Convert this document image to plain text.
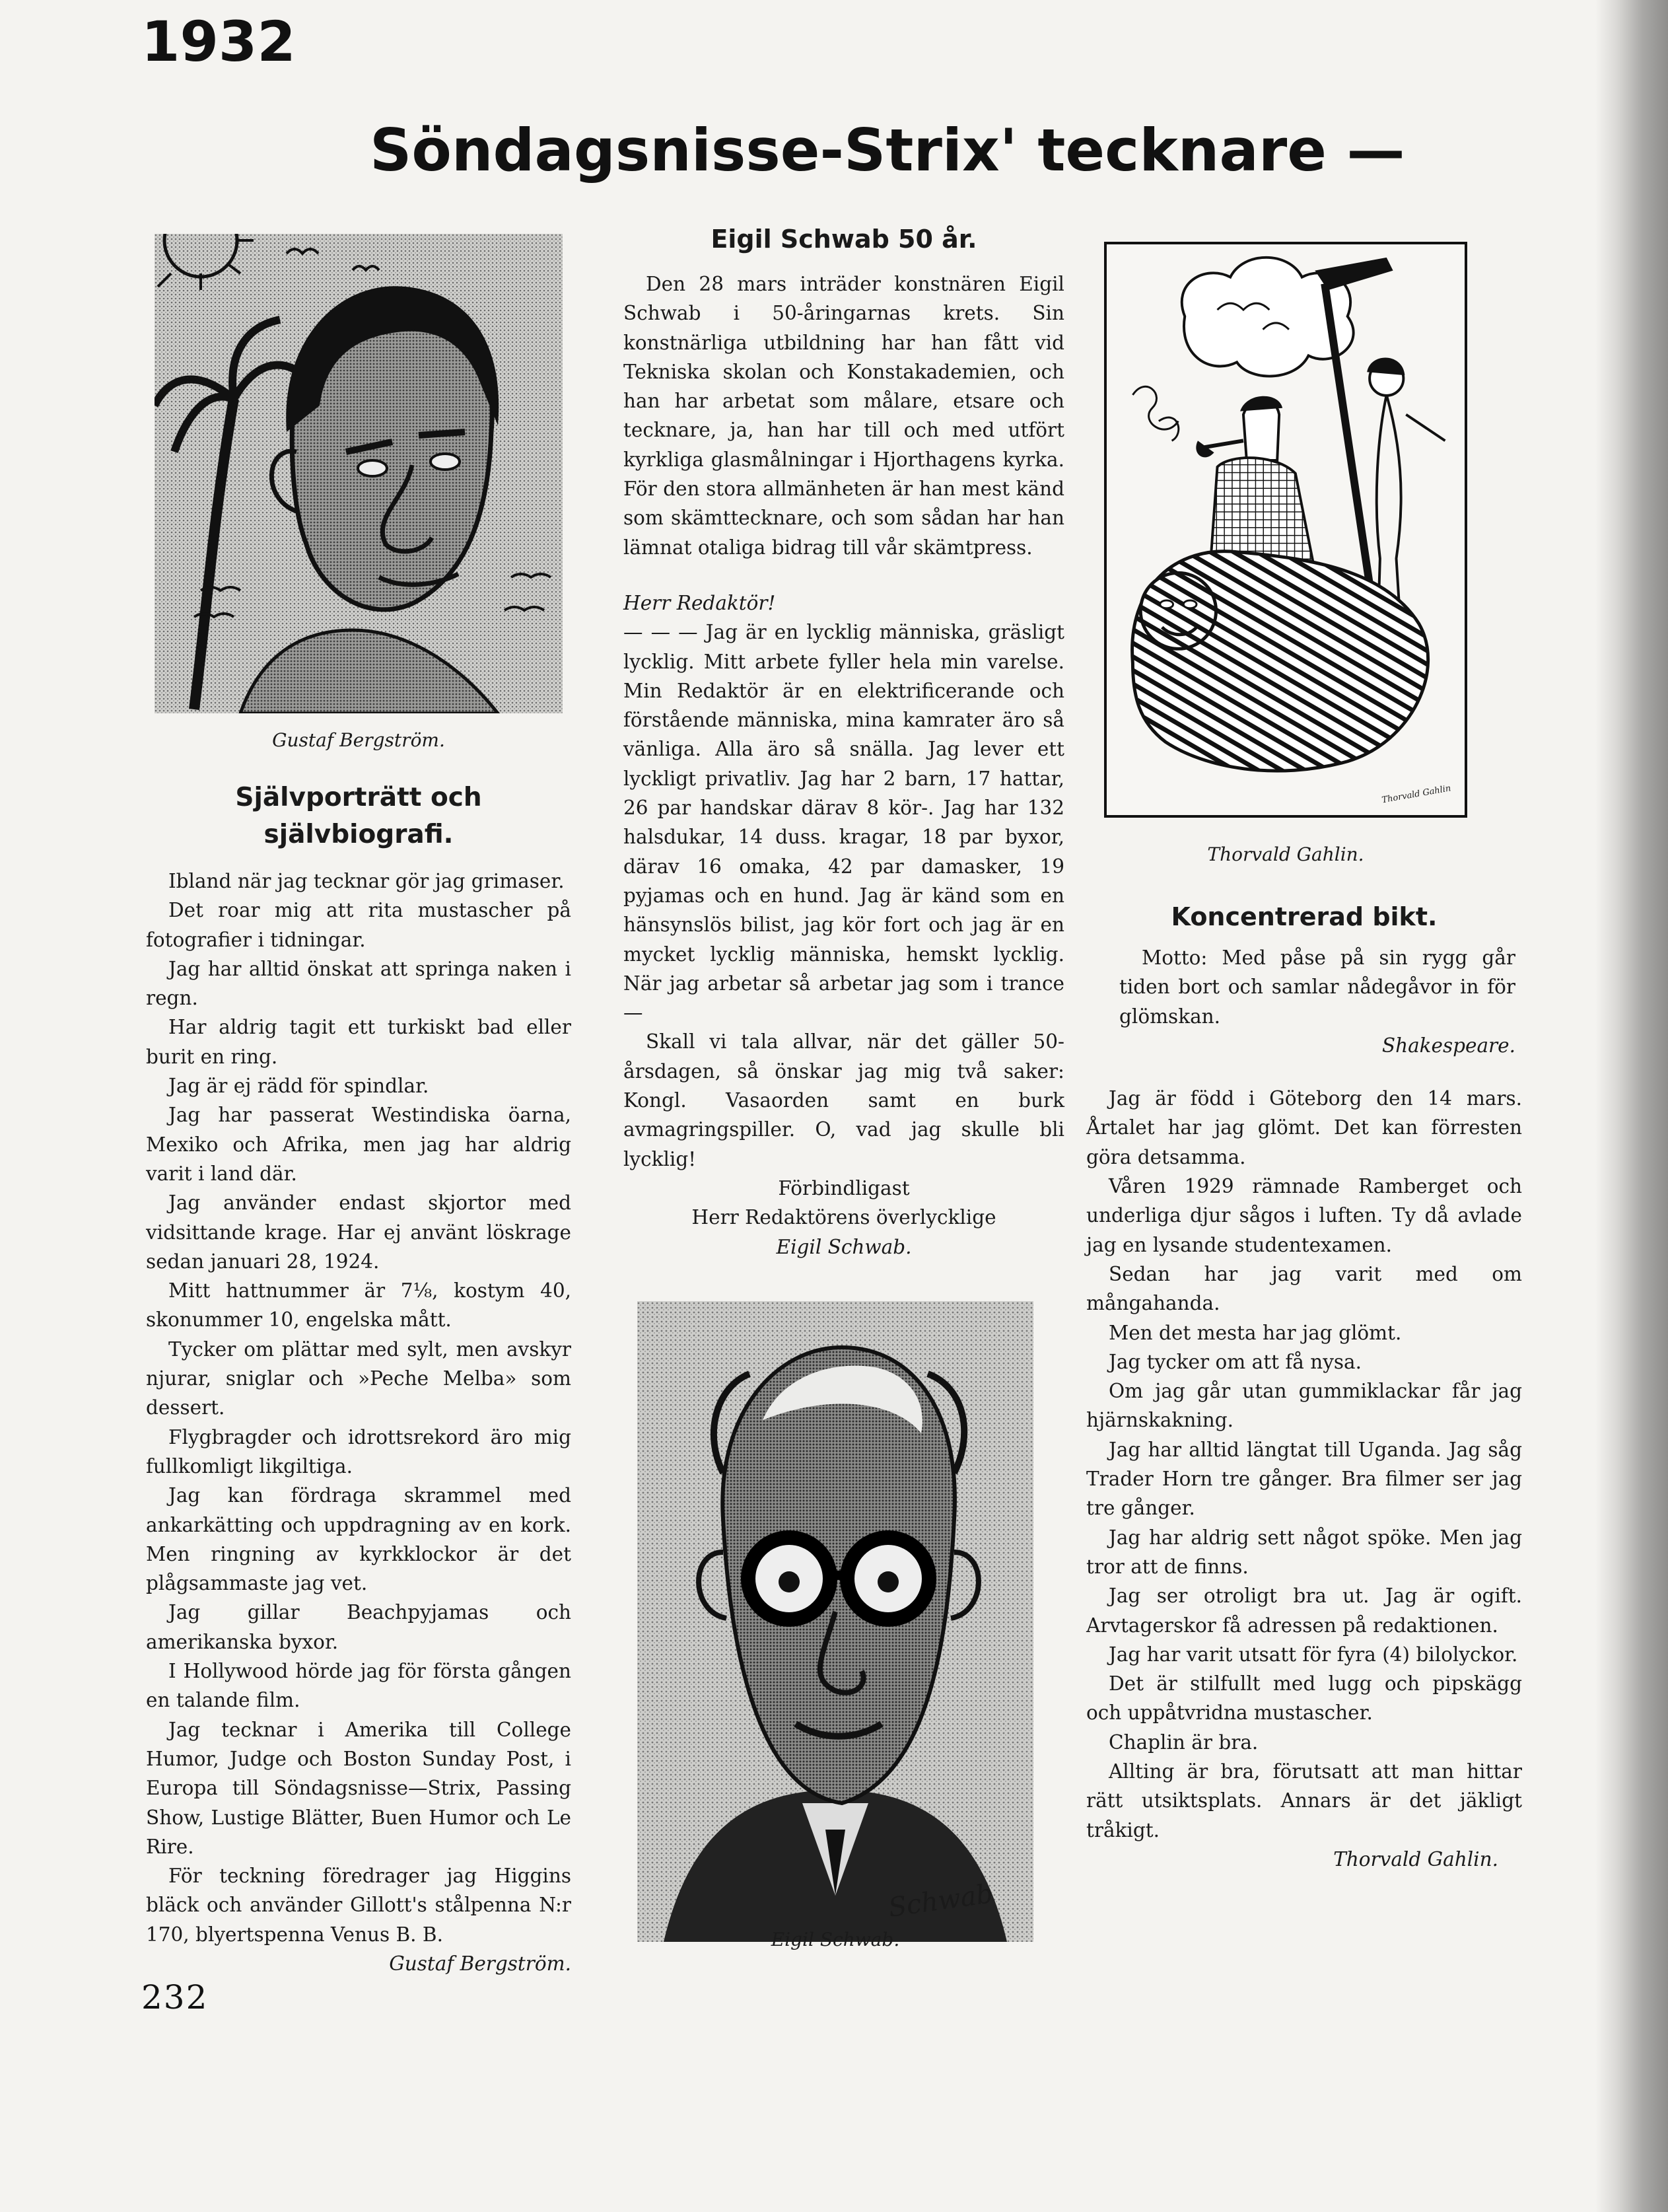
1932
Söndagsnisse-Strix' tecknare —
Gustaf Bergström.
Självporträtt och självbiografi.

Ibland när jag tecknar gör jag grimaser.

Det roar mig att rita mustascher på fotografier i tidningar.

Jag har alltid önskat att springa naken i regn.

Har aldrig tagit ett turkiskt bad eller burit en ring.

Jag är ej rädd för spindlar.

Jag har passerat Westindiska öarna, Mexiko och Afrika, men jag har aldrig varit i land där.

Jag använder endast skjortor med vidsittande krage. Har ej använt löskrage sedan januari 28, 1924.

Mitt hattnummer är 7⅛, kostym 40, skonummer 10, engelska mått.

Tycker om plättar med sylt, men avskyr njurar, sniglar och »Peche Melba» som dessert.

Flygbragder och idrottsrekord äro mig fullkomligt likgiltiga.

Jag kan fördraga skrammel med ankarkätting och uppdragning av en kork. Men ringning av kyrkklockor är det plågsammaste jag vet.

Jag gillar Beachpyjamas och amerikanska byxor.

I Hollywood hörde jag för första gången en talande film.

Jag tecknar i Amerika till College Humor, Judge och Boston Sunday Post, i Europa till Söndagsnisse—Strix, Passing Show, Lustige Blätter, Buen Humor och Le Rire.

För teckning föredrager jag Higgins bläck och använder Gillott's stålpenna N:r 170, blyertspenna Venus B. B.

Gustaf Bergström.

Eigil Schwab 50 år.

Den 28 mars inträder konstnären Eigil Schwab i 50-åringarnas krets. Sin konstnärliga utbildning har han fått vid Tekniska skolan och Konstakademien, och han har arbetat som målare, etsare och tecknare, ja, han har till och med utfört kyrkliga glasmålningar i Hjorthagens kyrka. För den stora allmänheten är han mest känd som skämttecknare, och som sådan har han lämnat otaliga bidrag till vår skämtpress.

Herr Redaktör!

— — — Jag är en lycklig människa, gräsligt lycklig. Mitt arbete fyller hela min varelse. Min Redaktör är en elektrificerande och förstående människa, mina kamrater äro så vänliga. Alla äro så snälla. Jag lever ett lyckligt privatliv. Jag har 2 barn, 17 hattar, 26 par handskar därav 8 kör-. Jag har 132 halsdukar, 14 duss. kragar, 18 par byxor, därav 16 omaka, 42 par damasker, 19 pyjamas och en hund. Jag är känd som en hänsynslös bilist, jag kör fort och jag är en mycket lycklig människa, hemskt lycklig. När jag arbetar så arbetar jag som i trance —

Skall vi tala allvar, när det gäller 50-årsdagen, så önskar jag mig två saker: Kongl. Vasaorden samt en burk avmagringspiller. O, vad jag skulle bli lycklig!

Förbindligast

Herr Redaktörens överlycklige

Eigil Schwab.

Schwab
Eigil Schwab.
Thorvald Gahlin
Thorvald Gahlin.
Koncentrerad bikt.

Motto: Med påse på sin rygg går tiden bort och samlar nådegåvor in för glömskan.

Shakespeare.

Jag är född i Göteborg den 14 mars. Årtalet har jag glömt. Det kan förresten göra detsamma.

Våren 1929 rämnade Ramberget och underliga djur sågos i luften. Ty då avlade jag en lysande studentexamen.

Sedan har jag varit med om mångahanda.

Men det mesta har jag glömt.

Jag tycker om att få nysa.

Om jag går utan gummiklackar får jag hjärnskakning.

Jag har alltid längtat till Uganda. Jag såg Trader Horn tre gånger. Bra filmer ser jag tre gånger.

Jag har aldrig sett något spöke. Men jag tror att de finns.

Jag ser otroligt bra ut. Jag är ogift. Arvtagerskor få adressen på redaktionen.

Jag har varit utsatt för fyra (4) bilolyckor.

Det är stilfullt med lugg och pipskägg och uppåtvridna mustascher.

Chaplin är bra.

Allting är bra, förutsatt att man hittar rätt utsiktsplats. Annars är det jäkligt tråkigt.

Thorvald Gahlin.

232
